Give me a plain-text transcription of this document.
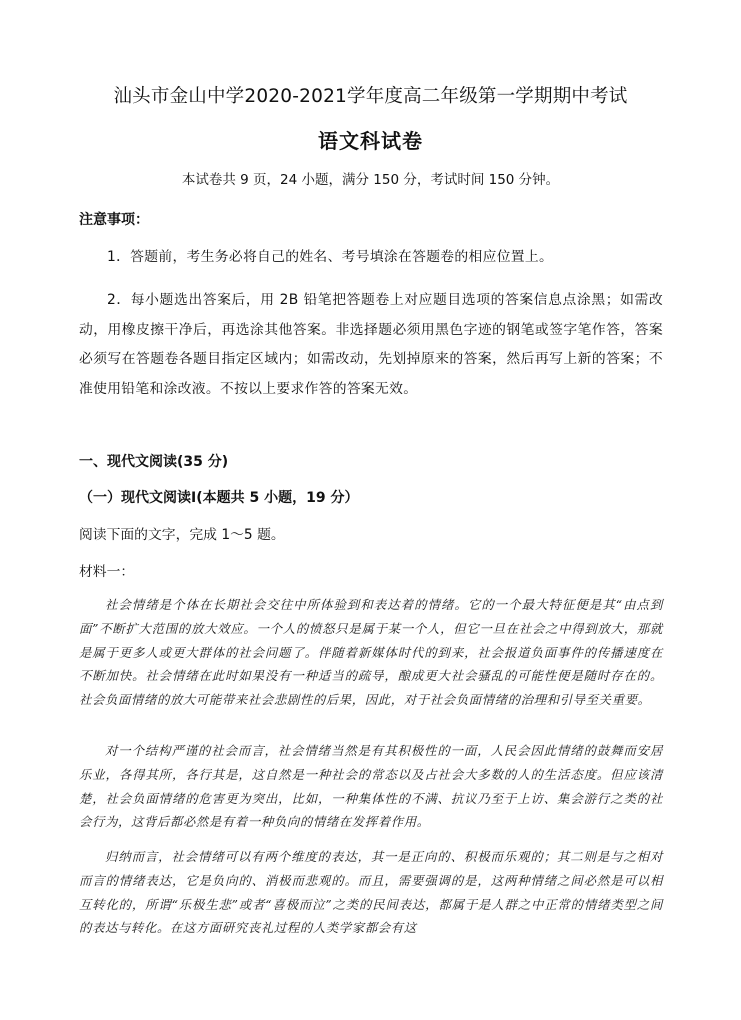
汕头市金山中学2020-2021学年度高二年级第一学期期中考试
语文科试卷
本试卷共 9 页，24 小题，满分 150 分，考试时间 150 分钟。
注意事项：

1．答题前，考生务必将自己的姓名、考号填涂在答题卷的相应位置上。

2．每小题选出答案后，用 2B 铅笔把答题卷上对应题目选项的答案信息点涂黑；如需改动，用橡皮擦干净后，再选涂其他答案。非选择题必须用黑色字迹的钢笔或签字笔作答，答案必须写在答题卷各题目指定区域内；如需改动，先划掉原来的答案，然后再写上新的答案；不准使用铅笔和涂改液。不按以上要求作答的答案无效。

一、现代文阅读(35 分)
（一）现代文阅读Ⅰ(本题共 5 小题，19 分）
阅读下面的文字，完成 1～5 题。
材料一：

社会情绪是个体在长期社会交往中所体验到和表达着的情绪。它的一个最大特征便是其“由点到面”不断扩大范围的放大效应。一个人的愤怒只是属于某一个人，但它一旦在社会之中得到放大，那就是属于更多人或更大群体的社会问题了。伴随着新媒体时代的到来，社会报道负面事件的传播速度在不断加快。社会情绪在此时如果没有一种适当的疏导，酿成更大社会骚乱的可能性便是随时存在的。社会负面情绪的放大可能带来社会悲剧性的后果，因此，对于社会负面情绪的治理和引导至关重要。

对一个结构严谨的社会而言，社会情绪当然是有其积极性的一面，人民会因此情绪的鼓舞而安居乐业，各得其所，各行其是，这自然是一种社会的常态以及占社会大多数的人的生活态度。但应该清楚，社会负面情绪的危害更为突出，比如，一种集体性的不满、抗议乃至于上访、集会游行之类的社会行为，这背后都必然是有着一种负向的情绪在发挥着作用。

归纳而言，社会情绪可以有两个维度的表达，其一是正向的、积极而乐观的；其二则是与之相对而言的情绪表达，它是负向的、消极而悲观的。而且，需要强调的是，这两种情绪之间必然是可以相互转化的，所谓“乐极生悲”或者“喜极而泣”之类的民间表达，都属于是人群之中正常的情绪类型之间的表达与转化。在这方面研究丧礼过程的人类学家都会有这
